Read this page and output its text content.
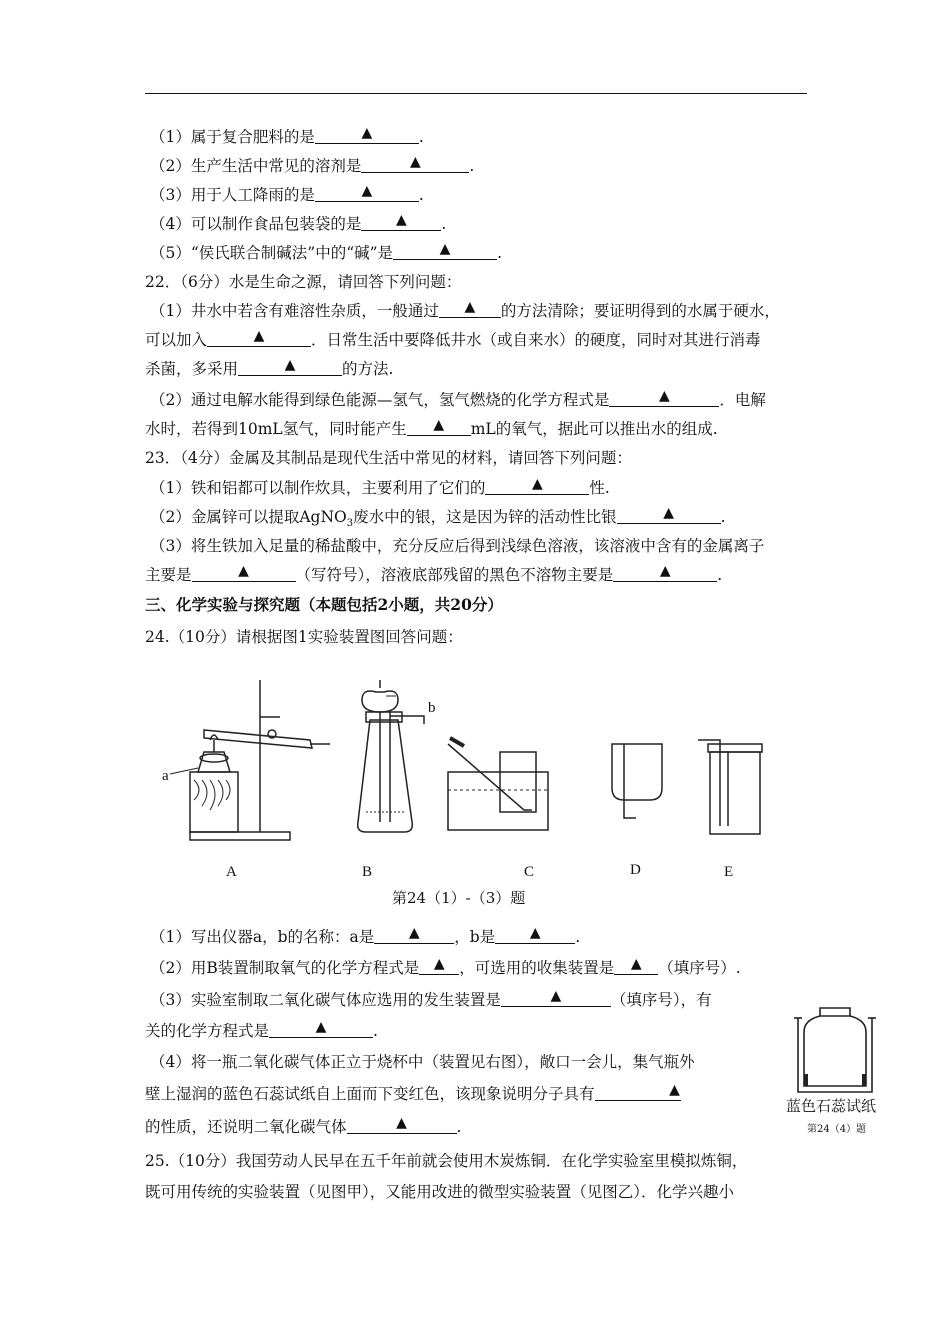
（1）属于复合肥料的是	▲	.
（2）生产生活中常见的溶剂是	▲	.
（3）用于人工降雨的是	▲	.
（4）可以制作食品包装袋的是 ▲ .
（5）“侯氏联合制碱法”中的“碱”是	▲	.
22．（6分）水是生命之源，请回答下列问题：
（1）井水中若含有难溶性杂质，一般通过 ▲ 的方法清除；要证明得到的水属于硬水，
可以加入	▲	．日常生活中要降低井水（或自来水）的硬度，同时对其进行消毒
杀菌，多采用	▲	的方法.
（2）通过电解水能得到绿色能源—氢气，氢气燃烧的化学方程式是	▲	．电解
水时，若得到10mL氢气，同时能产生 ▲ mL的氧气，据此可以推出水的组成.
23．（4分）金属及其制品是现代生活中常见的材料，请回答下列问题：
（1）铁和铝都可以制作炊具，主要利用了它们的	▲	性.
（2）金属锌可以提取AgNO$_3$废水中的银，这是因为锌的活动性比银	▲	.
（3）将生铁加入足量的稀盐酸中，充分反应后得到浅绿色溶液，该溶液中含有的金属离子
主要是	▲	（写符号），溶液底部残留的黑色不溶物主要是	▲	.
三、化学实验与探究题（本题包括2小题，共20分）
24.（10分）请根据图1实验装置图回答问题：
a
b
A	B	C	D	E
第24（1）-（3）题
（1）写出仪器a，b的名称：a是 ▲ ，b是 ▲ .
（2）用B装置制取氧气的化学方程式是 ▲ ，可选用的收集装置是 ▲ （填序号）.
（3）实验室制取二氧化碳气体应选用的发生装置是	▲	（填序号），有
关的化学方程式是	▲	.
（4）将一瓶二氧化碳气体正立于烧杯中（装置见右图），敞口一会儿，集气瓶外
壁上湿润的蓝色石蕊试纸自上面而下变红色，该现象说明分子具有	▲
的性质，还说明二氧化碳气体	▲	.
蓝色石蕊试纸
第24（4）题
25.（10分）我国劳动人民早在五千年前就会使用木炭炼铜．在化学实验室里模拟炼铜，
既可用传统的实验装置（见图甲），又能用改进的微型实验装置（见图乙）．化学兴趣小
